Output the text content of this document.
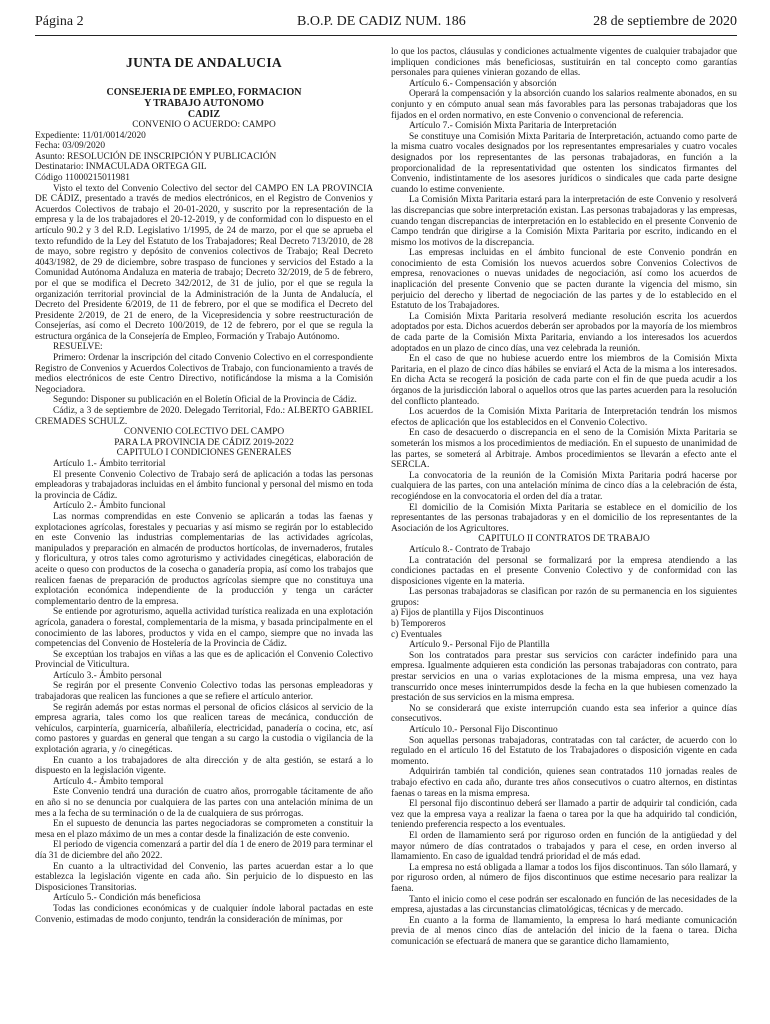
Página 2	B.O.P. DE CADIZ NUM. 186	28 de septiembre de 2020
JUNTA DE ANDALUCIA

CONSEJERIA DE EMPLEO, FORMACION

Y TRABAJO AUTONOMO

CADIZ

CONVENIO O ACUERDO: CAMPO

Expediente: 11/01/0014/2020

Fecha: 03/09/2020

Asunto: RESOLUCIÓN DE INSCRIPCIÓN Y PUBLICACIÓN

Destinatario: INMACULADA ORTEGA GIL

Código 11000215011981

Visto el texto del Convenio Colectivo del sector del CAMPO EN LA PROVINCIA DE CÁDIZ, presentado a través de medios electrónicos, en el Registro de Convenios y Acuerdos Colectivos de trabajo el 20-01-2020, y suscrito por la representación de la empresa y la de los trabajadores el 20-12-2019, y de conformidad con lo dispuesto en el artículo 90.2 y 3 del R.D. Legislativo 1/1995, de 24 de marzo, por el que se aprueba el texto refundido de la Ley del Estatuto de los Trabajadores; Real Decreto 713/2010, de 28 de mayo, sobre registro y depósito de convenios colectivos de Trabajo; Real Decreto 4043/1982, de 29 de diciembre, sobre traspaso de funciones y servicios del Estado a la Comunidad Autónoma Andaluza en materia de trabajo; Decreto 32/2019, de 5 de febrero, por el que se modifica el Decreto 342/2012, de 31 de julio, por el que se regula la organización territorial provincial de la Administración de la Junta de Andalucía, el Decreto del Presidente 6/2019, de 11 de febrero, por el que se modifica el Decreto del Presidente 2/2019, de 21 de enero, de la Vicepresidencia y sobre reestructuración de Consejerías, así como el Decreto 100/2019, de 12 de febrero, por el que se regula la estructura orgánica de la Consejería de Empleo, Formación y Trabajo Autónomo.

RESUELVE:

Primero: Ordenar la inscripción del citado Convenio Colectivo en el correspondiente Registro de Convenios y Acuerdos Colectivos de Trabajo, con funcionamiento a través de medios electrónicos de este Centro Directivo, notificándose la misma a la Comisión Negociadora.

Segundo: Disponer su publicación en el Boletín Oficial de la Provincia de Cádiz.

Cádiz, a 3 de septiembre de 2020. Delegado Territorial, Fdo.: ALBERTO GABRIEL CREMADES SCHULZ.

CONVENIO COLECTIVO DEL CAMPO

PARA LA PROVINCIA DE CÁDIZ 2019-2022

CAPITULO I CONDICIONES GENERALES

Artículo 1.- Ámbito territorial

El presente Convenio Colectivo de Trabajo será de aplicación a todas las personas empleadoras y trabajadoras incluidas en el ámbito funcional y personal del mismo en toda la provincia de Cádiz.

Artículo 2.- Ámbito funcional

Las normas comprendidas en este Convenio se aplicarán a todas las faenas y explotaciones agrícolas, forestales y pecuarias y así mismo se regirán por lo establecido en este Convenio las industrias complementarias de las actividades agrícolas, manipulados y preparación en almacén de productos hortícolas, de invernaderos, frutales y floricultura, y otros tales como agroturismo y actividades cinegéticas, elaboración de aceite o queso con productos de la cosecha o ganadería propia, así como los trabajos que realicen faenas de preparación de productos agrícolas siempre que no constituya una explotación económica independiente de la producción y tenga un carácter complementario dentro de la empresa.

Se entiende por agroturismo, aquella actividad turística realizada en una explotación agrícola, ganadera o forestal, complementaria de la misma, y basada principalmente en el conocimiento de las labores, productos y vida en el campo, siempre que no invada las competencias del Convenio de Hostelería de la Provincia de Cádiz.

Se exceptúan los trabajos en viñas a las que es de aplicación el Convenio Colectivo Provincial de Viticultura.

Artículo 3.- Ámbito personal

Se regirán por el presente Convenio Colectivo todas las personas empleadoras y trabajadoras que realicen las funciones a que se refiere el artículo anterior.

Se regirán además por estas normas el personal de oficios clásicos al servicio de la empresa agraria, tales como los que realicen tareas de mecánica, conducción de vehículos, carpintería, guarnicería, albañilería, electricidad, panadería o cocina, etc, así como pastores y guardas en general que tengan a su cargo la custodia o vigilancia de la explotación agraria, y /o cinegéticas.

En cuanto a los trabajadores de alta dirección y de alta gestión, se estará a lo dispuesto en la legislación vigente.

Artículo 4.- Ámbito temporal

Este Convenio tendrá una duración de cuatro años, prorrogable tácitamente de año en año si no se denuncia por cualquiera de las partes con una antelación mínima de un mes a la fecha de su terminación o de la de cualquiera de sus prórrogas.

En el supuesto de denuncia las partes negociadoras se comprometen a constituir la mesa en el plazo máximo de un mes a contar desde la finalización de este convenio.

El periodo de vigencia comenzará a partir del día 1 de enero de 2019 para terminar el día 31 de diciembre del año 2022.

En cuanto a la ultractividad del Convenio, las partes acuerdan estar a lo que establezca la legislación vigente en cada año. Sin perjuicio de lo dispuesto en las Disposiciones Transitorias.

Artículo 5.- Condición más beneficiosa

Todas las condiciones económicas y de cualquier índole laboral pactadas en este Convenio, estimadas de modo conjunto, tendrán la consideración de mínimas, por

lo que los pactos, cláusulas y condiciones actualmente vigentes de cualquier trabajador que impliquen condiciones más beneficiosas, sustituirán en tal concepto como garantías personales para quienes vinieran gozando de ellas.

Artículo 6.- Compensación y absorción

Operará la compensación y la absorción cuando los salarios realmente abonados, en su conjunto y en cómputo anual sean más favorables para las personas trabajadoras que los fijados en el orden normativo, en este Convenio o convencional de referencia.

Artículo 7.- Comisión Mixta Paritaria de Interpretación

Se constituye una Comisión Mixta Paritaria de Interpretación, actuando como parte de la misma cuatro vocales designados por los representantes empresariales y cuatro vocales designados por los representantes de las personas trabajadoras, en función a la proporcionalidad de la representatividad que ostenten los sindicatos firmantes del Convenio, indistintamente de los asesores jurídicos o sindicales que cada parte designe cuando lo estime conveniente.

La Comisión Mixta Paritaria estará para la interpretación de este Convenio y resolverá las discrepancias que sobre interpretación existan. Las personas trabajadoras y las empresas, cuando tengan discrepancias de interpretación en lo establecido en el presente Convenio de Campo tendrán que dirigirse a la Comisión Mixta Paritaria por escrito, indicando en el mismo los motivos de la discrepancia.

Las empresas incluidas en el ámbito funcional de este Convenio pondrán en conocimiento de esta Comisión los nuevos acuerdos sobre Convenios Colectivos de empresa, renovaciones o nuevas unidades de negociación, así como los acuerdos de inaplicación del presente Convenio que se pacten durante la vigencia del mismo, sin perjuicio del derecho y libertad de negociación de las partes y de lo establecido en el Estatuto de los Trabajadores.

La Comisión Mixta Paritaria resolverá mediante resolución escrita los acuerdos adoptados por esta. Dichos acuerdos deberán ser aprobados por la mayoría de los miembros de cada parte de la Comisión Mixta Paritaria, enviando a los interesados los acuerdos adoptados en un plazo de cinco días, una vez celebrada la reunión.

En el caso de que no hubiese acuerdo entre los miembros de la Comisión Mixta Paritaria, en el plazo de cinco días hábiles se enviará el Acta de la misma a los interesados. En dicha Acta se recogerá la posición de cada parte con el fin de que pueda acudir a los órganos de la jurisdicción laboral o aquellos otros que las partes acuerden para la resolución del conflicto planteado.

Los acuerdos de la Comisión Mixta Paritaria de Interpretación tendrán los mismos efectos de aplicación que los establecidos en el Convenio Colectivo.

En caso de desacuerdo o discrepancia en el seno de la Comisión Mixta Paritaria se someterán los mismos a los procedimientos de mediación. En el supuesto de unanimidad de las partes, se someterá al Arbitraje. Ambos procedimientos se llevarán a efecto ante el SERCLA.

La convocatoria de la reunión de la Comisión Mixta Paritaria podrá hacerse por cualquiera de las partes, con una antelación mínima de cinco días a la celebración de ésta, recogiéndose en la convocatoria el orden del día a tratar.

El domicilio de la Comisión Mixta Paritaria se establece en el domicilio de los representantes de las personas trabajadoras y en el domicilio de los representantes de la Asociación de los Agricultores.

CAPITULO II CONTRATOS DE TRABAJO

Artículo 8.- Contrato de Trabajo

La contratación del personal se formalizará por la empresa atendiendo a las condiciones pactadas en el presente Convenio Colectivo y de conformidad con las disposiciones vigente en la materia.

Las personas trabajadoras se clasifican por razón de su permanencia en los siguientes grupos:

a) Fijos de plantilla y Fijos Discontinuos

b) Temporeros

c) Eventuales

Artículo 9.- Personal Fijo de Plantilla

Son los contratados para prestar sus servicios con carácter indefinido para una empresa. Igualmente adquieren esta condición las personas trabajadoras con contrato, para prestar servicios en una o varias explotaciones de la misma empresa, una vez haya transcurrido once meses ininterrumpidos desde la fecha en la que hubiesen comenzado la prestación de sus servicios en la misma empresa.

No se considerará que existe interrupción cuando esta sea inferior a quince días consecutivos.

Artículo 10.- Personal Fijo Discontinuo

Son aquellas personas trabajadoras, contratadas con tal carácter, de acuerdo con lo regulado en el artículo 16 del Estatuto de los Trabajadores o disposición vigente en cada momento.

Adquirirán también tal condición, quienes sean contratados 110 jornadas reales de trabajo efectivo en cada año, durante tres años consecutivos o cuatro alternos, en distintas faenas o tareas en la misma empresa.

El personal fijo discontinuo deberá ser llamado a partir de adquirir tal condición, cada vez que la empresa vaya a realizar la faena o tarea por la que ha adquirido tal condición, teniendo preferencia respecto a los eventuales.

El orden de llamamiento será por riguroso orden en función de la antigüedad y del mayor número de días contratados o trabajados y para el cese, en orden inverso al llamamiento. En caso de igualdad tendrá prioridad el de más edad.

La empresa no está obligada a llamar a todos los fijos discontinuos. Tan sólo llamará, y por riguroso orden, al número de fijos discontinuos que estime necesario para realizar la faena.

Tanto el inicio como el cese podrán ser escalonado en función de las necesidades de la empresa, ajustadas a las circunstancias climatológicas, técnicas y de mercado.

En cuanto a la forma de llamamiento, la empresa lo hará mediante comunicación previa de al menos cinco días de antelación del inicio de la faena o tarea. Dicha comunicación se efectuará de manera que se garantice dicho llamamiento,
